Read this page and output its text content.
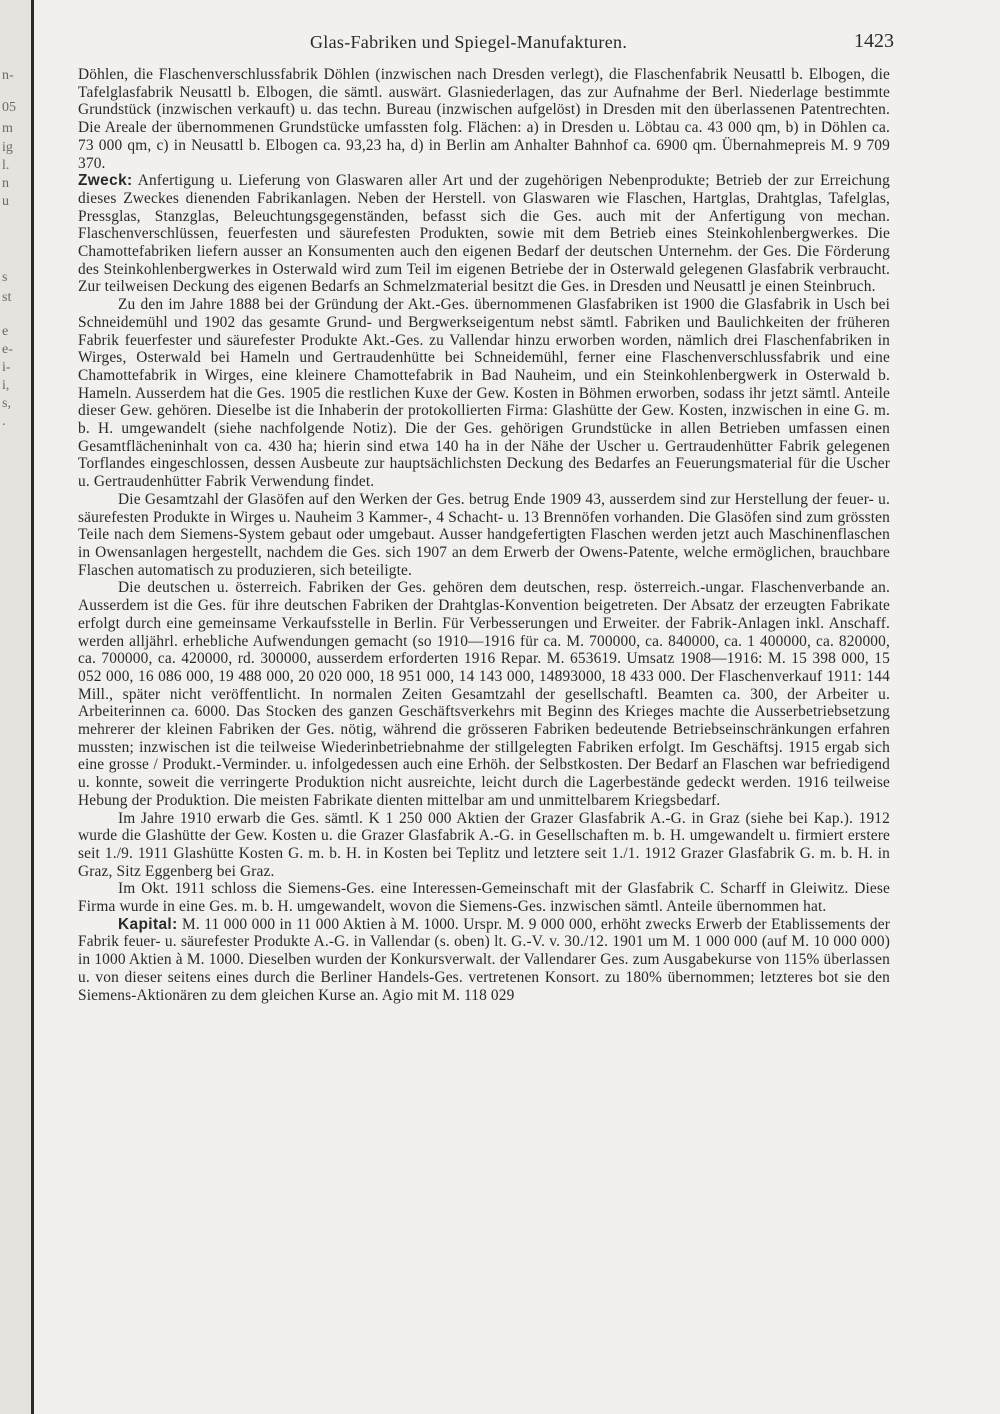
n-
05
m
ig
l.
n
u
s
st
e
e-
i-
i,
s,
.
Glas-Fabriken und Spiegel-Manufakturen.	1423

Döhlen, die Flaschenverschlussfabrik Döhlen (inzwischen nach Dresden verlegt), die Flaschenfabrik Neusattl b. Elbogen, die Tafelglasfabrik Neusattl b. Elbogen, die sämtl. auswärt. Glasniederlagen, das zur Aufnahme der Berl. Niederlage bestimmte Grundstück (inzwischen verkauft) u. das techn. Bureau (inzwischen aufgelöst) in Dresden mit den überlassenen Patentrechten. Die Areale der übernommenen Grundstücke umfassten folg. Flächen: a) in Dresden u. Löbtau ca. 43 000 qm, b) in Döhlen ca. 73 000 qm, c) in Neusattl b. Elbogen ca. 93,23 ha, d) in Berlin am Anhalter Bahnhof ca. 6900 qm. Übernahmepreis M. 9 709 370.

Zweck: Anfertigung u. Lieferung von Glaswaren aller Art und der zugehörigen Nebenprodukte; Betrieb der zur Erreichung dieses Zweckes dienenden Fabrikanlagen. Neben der Herstell. von Glaswaren wie Flaschen, Hartglas, Drahtglas, Tafelglas, Pressglas, Stanzglas, Beleuchtungsgegenständen, befasst sich die Ges. auch mit der Anfertigung von mechan. Flaschenverschlüssen, feuerfesten und säurefesten Produkten, sowie mit dem Betrieb eines Steinkohlenbergwerkes. Die Chamottefabriken liefern ausser an Konsumenten auch den eigenen Bedarf der deutschen Unternehm. der Ges. Die Förderung des Steinkohlenbergwerkes in Osterwald wird zum Teil im eigenen Betriebe der in Osterwald gelegenen Glasfabrik verbraucht. Zur teilweisen Deckung des eigenen Bedarfs an Schmelzmaterial besitzt die Ges. in Dresden und Neusattl je einen Steinbruch.

Zu den im Jahre 1888 bei der Gründung der Akt.-Ges. übernommenen Glasfabriken ist 1900 die Glasfabrik in Usch bei Schneidemühl und 1902 das gesamte Grund- und Bergwerkseigentum nebst sämtl. Fabriken und Baulichkeiten der früheren Fabrik feuerfester und säurefester Produkte Akt.-Ges. zu Vallendar hinzu erworben worden, nämlich drei Flaschenfabriken in Wirges, Osterwald bei Hameln und Gertraudenhütte bei Schneidemühl, ferner eine Flaschenverschlussfabrik und eine Chamottefabrik in Wirges, eine kleinere Chamottefabrik in Bad Nauheim, und ein Steinkohlenbergwerk in Osterwald b. Hameln. Ausserdem hat die Ges. 1905 die restlichen Kuxe der Gew. Kosten in Böhmen erworben, sodass ihr jetzt sämtl. Anteile dieser Gew. gehören. Dieselbe ist die Inhaberin der protokollierten Firma: Glashütte der Gew. Kosten, inzwischen in eine G. m. b. H. umgewandelt (siehe nachfolgende Notiz). Die der Ges. gehörigen Grundstücke in allen Betrieben umfassen einen Gesamtflächeninhalt von ca. 430 ha; hierin sind etwa 140 ha in der Nähe der Uscher u. Gertraudenhütter Fabrik gelegenen Torflandes eingeschlossen, dessen Ausbeute zur hauptsächlichsten Deckung des Bedarfes an Feuerungsmaterial für die Uscher u. Gertraudenhütter Fabrik Verwendung findet.

Die Gesamtzahl der Glasöfen auf den Werken der Ges. betrug Ende 1909 43, ausserdem sind zur Herstellung der feuer- u. säurefesten Produkte in Wirges u. Nauheim 3 Kammer-, 4 Schacht- u. 13 Brennöfen vorhanden. Die Glasöfen sind zum grössten Teile nach dem Siemens-System gebaut oder umgebaut. Ausser handgefertigten Flaschen werden jetzt auch Maschinenflaschen in Owensanlagen hergestellt, nachdem die Ges. sich 1907 an dem Erwerb der Owens-Patente, welche ermöglichen, brauchbare Flaschen automatisch zu produzieren, sich beteiligte.

Die deutschen u. österreich. Fabriken der Ges. gehören dem deutschen, resp. österreich.-ungar. Flaschenverbande an. Ausserdem ist die Ges. für ihre deutschen Fabriken der Drahtglas-Konvention beigetreten. Der Absatz der erzeugten Fabrikate erfolgt durch eine gemeinsame Verkaufsstelle in Berlin. Für Verbesserungen und Erweiter. der Fabrik-Anlagen inkl. Anschaff. werden alljährl. erhebliche Aufwendungen gemacht (so 1910—1916 für ca. M. 700000, ca. 840000, ca. 1 400000, ca. 820000, ca. 700000, ca. 420000, rd. 300000, ausserdem erforderten 1916 Repar. M. 653619. Umsatz 1908—1916: M. 15 398 000, 15 052 000, 16 086 000, 19 488 000, 20 020 000, 18 951 000, 14 143 000, 14893000, 18 433 000. Der Flaschenverkauf 1911: 144 Mill., später nicht veröffentlicht. In normalen Zeiten Gesamtzahl der gesellschaftl. Beamten ca. 300, der Arbeiter u. Arbeiterinnen ca. 6000. Das Stocken des ganzen Geschäftsverkehrs mit Beginn des Krieges machte die Ausserbetriebsetzung mehrerer der kleinen Fabriken der Ges. nötig, während die grösseren Fabriken bedeutende Betriebseinschränkungen erfahren mussten; inzwischen ist die teilweise Wiederinbetriebnahme der stillgelegten Fabriken erfolgt. Im Geschäftsj. 1915 ergab sich eine grosse / Produkt.-Verminder. u. infolgedessen auch eine Erhöh. der Selbstkosten. Der Bedarf an Flaschen war befriedigend u. konnte, soweit die verringerte Produktion nicht ausreichte, leicht durch die Lagerbestände gedeckt werden. 1916 teilweise Hebung der Produktion. Die meisten Fabrikate dienten mittelbar am und unmittelbarem Kriegsbedarf.

Im Jahre 1910 erwarb die Ges. sämtl. K 1 250 000 Aktien der Grazer Glasfabrik A.-G. in Graz (siehe bei Kap.). 1912 wurde die Glashütte der Gew. Kosten u. die Grazer Glasfabrik A.-G. in Gesellschaften m. b. H. umgewandelt u. firmiert erstere seit 1./9. 1911 Glashütte Kosten G. m. b. H. in Kosten bei Teplitz und letztere seit 1./1. 1912 Grazer Glasfabrik G. m. b. H. in Graz, Sitz Eggenberg bei Graz.

Im Okt. 1911 schloss die Siemens-Ges. eine Interessen-Gemeinschaft mit der Glasfabrik C. Scharff in Gleiwitz. Diese Firma wurde in eine Ges. m. b. H. umgewandelt, wovon die Siemens-Ges. inzwischen sämtl. Anteile übernommen hat.

Kapital: M. 11 000 000 in 11 000 Aktien à M. 1000. Urspr. M. 9 000 000, erhöht zwecks Erwerb der Etablissements der Fabrik feuer- u. säurefester Produkte A.-G. in Vallendar (s. oben) lt. G.-V. v. 30./12. 1901 um M. 1 000 000 (auf M. 10 000 000) in 1000 Aktien à M. 1000. Dieselben wurden der Konkursverwalt. der Vallendarer Ges. zum Ausgabekurse von 115% überlassen u. von dieser seitens eines durch die Berliner Handels-Ges. vertretenen Konsort. zu 180% übernommen; letzteres bot sie den Siemens-Aktionären zu dem gleichen Kurse an. Agio mit M. 118 029
